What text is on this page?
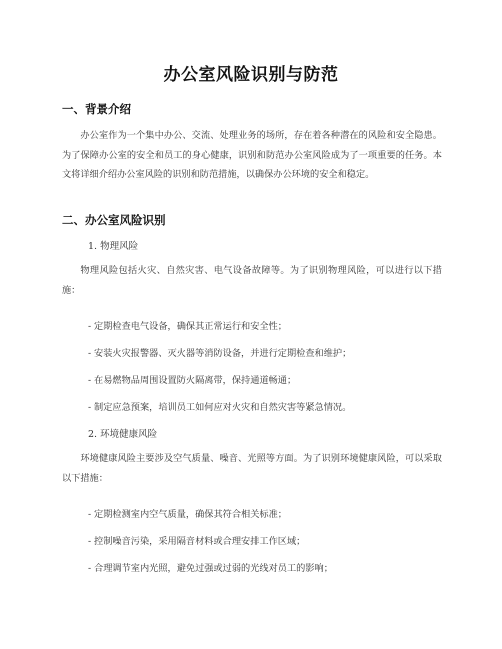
办公室风险识别与防范
一、背景介绍

办公室作为一个集中办公、交流、处理业务的场所，存在着各种潜在的风险和安全隐患。为了保障办公室的安全和员工的身心健康，识别和防范办公室风险成为了一项重要的任务。本文将详细介绍办公室风险的识别和防范措施，以确保办公环境的安全和稳定。

二、办公室风险识别
1. 物理风险

物理风险包括火灾、自然灾害、电气设备故障等。为了识别物理风险，可以进行以下措施：

- 定期检查电气设备，确保其正常运行和安全性；
- 安装火灾报警器、灭火器等消防设备，并进行定期检查和维护；
- 在易燃物品周围设置防火隔离带，保持通道畅通；
- 制定应急预案，培训员工如何应对火灾和自然灾害等紧急情况。
2. 环境健康风险

环境健康风险主要涉及空气质量、噪音、光照等方面。为了识别环境健康风险，可以采取以下措施：

- 定期检测室内空气质量，确保其符合相关标准；
- 控制噪音污染，采用隔音材料或合理安排工作区域；
- 合理调节室内光照，避免过强或过弱的光线对员工的影响；
